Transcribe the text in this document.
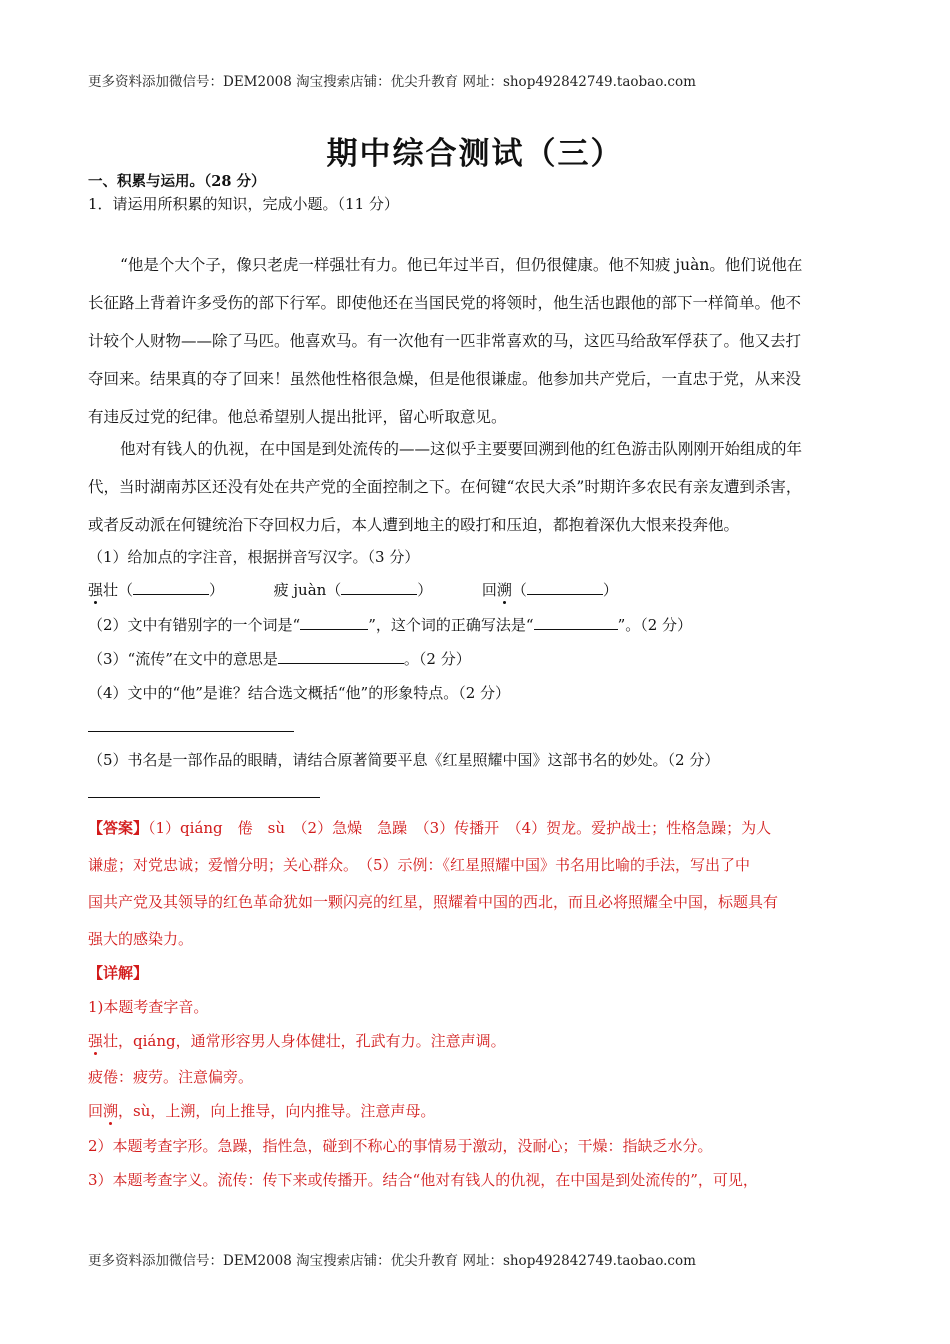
更多资料添加微信号：DEM2008 淘宝搜索店铺：优尖升教育 网址：shop492842749.taobao.com
期中综合测试（三）
一、积累与运用。（28 分）
1．请运用所积累的知识，完成小题。（11 分）
“他是个大个子，像只老虎一样强壮有力。他已年过半百，但仍很健康。他不知疲 juàn。他们说他在
长征路上背着许多受伤的部下行军。即使他还在当国民党的将领时，他生活也跟他的部下一样简单。他不
计较个人财物——除了马匹。他喜欢马。有一次他有一匹非常喜欢的马，这匹马给敌军俘获了。他又去打
夺回来。结果真的夺了回来！虽然他性格很急燥，但是他很谦虚。他参加共产党后，一直忠于党，从来没
有违反过党的纪律。他总希望别人提出批评，留心听取意见。
他对有钱人的仇视，在中国是到处流传的——这似乎主要要回溯到他的红色游击队刚刚开始组成的年
代，当时湖南苏区还没有处在共产党的全面控制之下。在何键“农民大杀”时期许多农民有亲友遭到杀害，
或者反动派在何键统治下夺回权力后，本人遭到地主的殴打和压迫，都抱着深仇大恨来投奔他。
（1）给加点的字注音，根据拼音写汉字。（3 分）
强壮（	）	疲 juàn（	）	回溯（	）
（2）文中有错别字的一个词是“	”，这个词的正确写法是“	”。（2 分）
（3）“流传”在文中的意思是	。（2 分）
（4）文中的“他”是谁？结合选文概括“他”的形象特点。（2 分）
（5）书名是一部作品的眼睛，请结合原著简要平息《红星照耀中国》这部书名的妙处。（2 分）
【答案】（1）qiáng　倦　sù　（2）急燥　急躁　（3）传播开　（4）贺龙。爱护战士；性格急躁；为人
谦虚；对党忠诚；爱憎分明；关心群众。　（5）示例：《红星照耀中国》书名用比喻的手法，写出了中
国共产党及其领导的红色革命犹如一颗闪亮的红星，照耀着中国的西北，而且必将照耀全中国，标题具有
强大的感染力。
【详解】
1)本题考查字音。
强壮，qiáng，通常形容男人身体健壮，孔武有力。注意声调。
疲倦：疲劳。注意偏旁。
回溯，sù，上溯，向上推导，向内推导。注意声母。
2）本题考查字形。急躁，指性急，碰到不称心的事情易于激动，没耐心；干燥：指缺乏水分。
3）本题考查字义。流传：传下来或传播开。结合“他对有钱人的仇视，在中国是到处流传的”，可见，
更多资料添加微信号：DEM2008 淘宝搜索店铺：优尖升教育 网址：shop492842749.taobao.com
